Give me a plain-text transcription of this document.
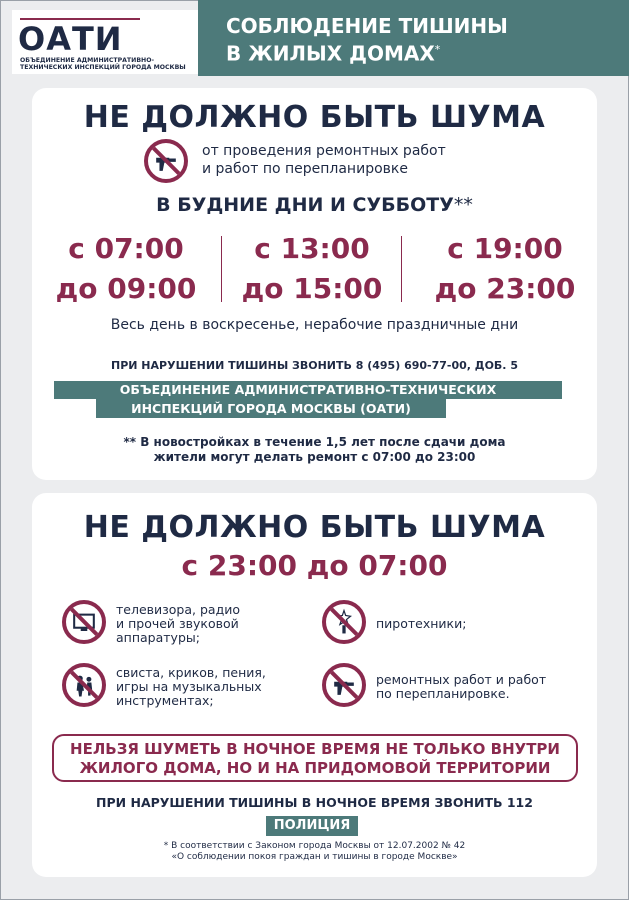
ОАТИ
ОБЪЕДИНЕНИЕ АДМИНИСТРАТИВНО-ТЕХНИЧЕСКИХ ИНСПЕКЦИЙ ГОРОДА МОСКВЫ
СОБЛЮДЕНИЕ ТИШИНЫ
В ЖИЛЫХ ДОМАХ*
НЕ ДОЛЖНО БЫТЬ ШУМА
от проведения ремонтных работ
и работ по перепланировке
В БУДНИЕ ДНИ И СУББОТУ**
с 07:00
до 09:00
с 13:00
до 15:00
с 19:00
до 23:00
Весь день в воскресенье, нерабочие праздничные дни
ПРИ НАРУШЕНИИ ТИШИНЫ ЗВОНИТЬ 8 (495) 690-77-00, ДОБ. 5
ОБЪЕДИНЕНИЕ АДМИНИСТРАТИВНО-ТЕХНИЧЕСКИХ
ИНСПЕКЦИЙ ГОРОДА МОСКВЫ (ОАТИ)
** В новостройках в течение 1,5 лет после сдачи дома
жители могут делать ремонт с 07:00 до 23:00
НЕ ДОЛЖНО БЫТЬ ШУМА
с 23:00 до 07:00
телевизора, радио
и прочей звуковой
аппаратуры;
пиротехники;
свиста, криков, пения,
игры на музыкальных
инструментах;
ремонтных работ и работ
по перепланировке.
НЕЛЬЗЯ ШУМЕТЬ В НОЧНОЕ ВРЕМЯ НЕ ТОЛЬКО ВНУТРИ
ЖИЛОГО ДОМА, НО И НА ПРИДОМОВОЙ ТЕРРИТОРИИ
ПРИ НАРУШЕНИИ ТИШИНЫ В НОЧНОЕ ВРЕМЯ ЗВОНИТЬ 112
ПОЛИЦИЯ
* В соответствии с Законом города Москвы от 12.07.2002 № 42
«О соблюдении покоя граждан и тишины в городе Москве»
